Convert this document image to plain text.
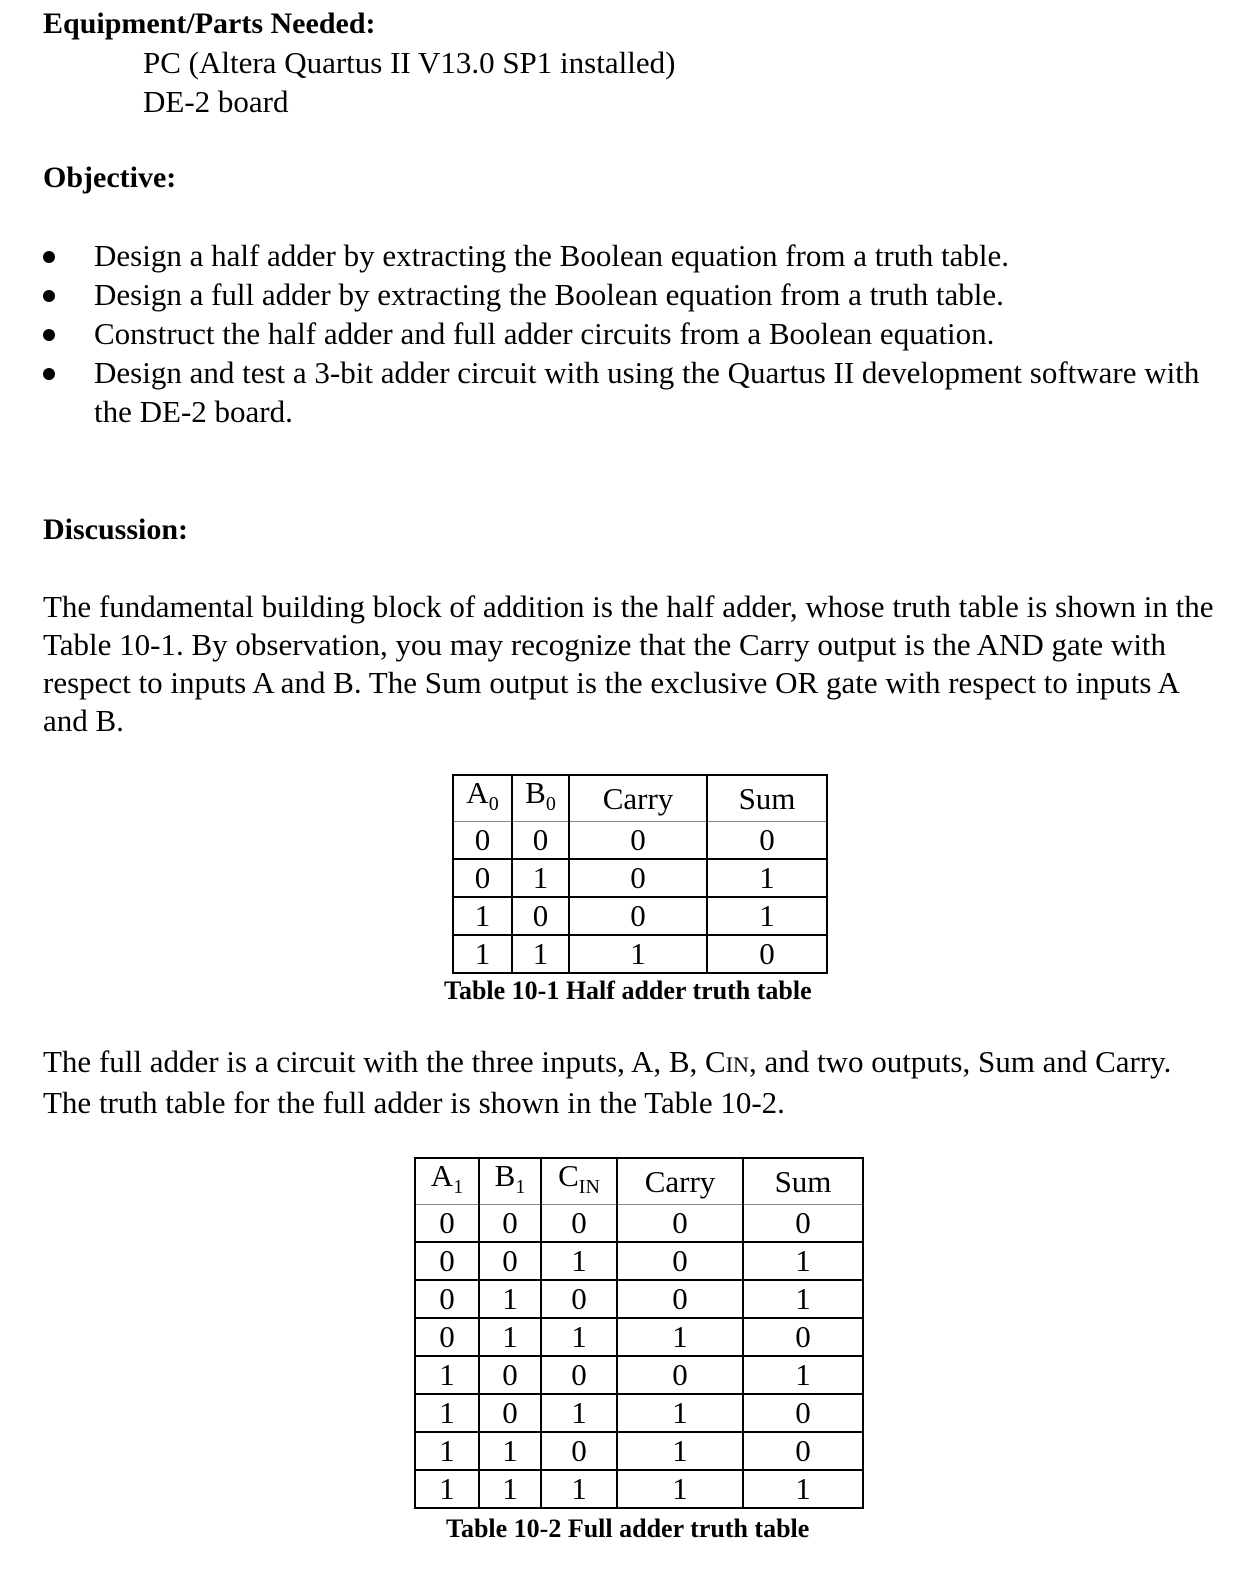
Equipment/Parts Needed:
PC (Altera Quartus II V13.0 SP1 installed)
DE-2 board
Objective:
Design a half adder by extracting the Boolean equation from a truth table.
Design a full adder by extracting the Boolean equation from a truth table.
Construct the half adder and full adder circuits from a Boolean equation.
Design and test a 3-bit adder circuit with using the Quartus II development software with the DE-2 board.
Discussion:

The fundamental building block of addition is the half adder, whose truth table is shown in the Table 10-1. By observation, you may recognize that the Carry output is the AND gate with respect to inputs A and B. The Sum output is the exclusive OR gate with respect to inputs A and B.

$A_0$	$B_0$	Carry	Sum
0	0	0	0
0	1	0	1
1	0	0	1
1	1	1	0

Table 10-1 Half adder truth table

The full adder is a circuit with the three inputs, A, B, CIN, and two outputs, Sum and Carry. The truth table for the full adder is shown in the Table 10-2.

$A_1$	$B_1$	$C_{IN}$	Carry	Sum
0	0	0	0	0
0	0	1	0	1
0	1	0	0	1
0	1	1	1	0
1	0	0	0	1
1	0	1	1	0
1	1	0	1	0
1	1	1	1	1

Table 10-2 Full adder truth table
